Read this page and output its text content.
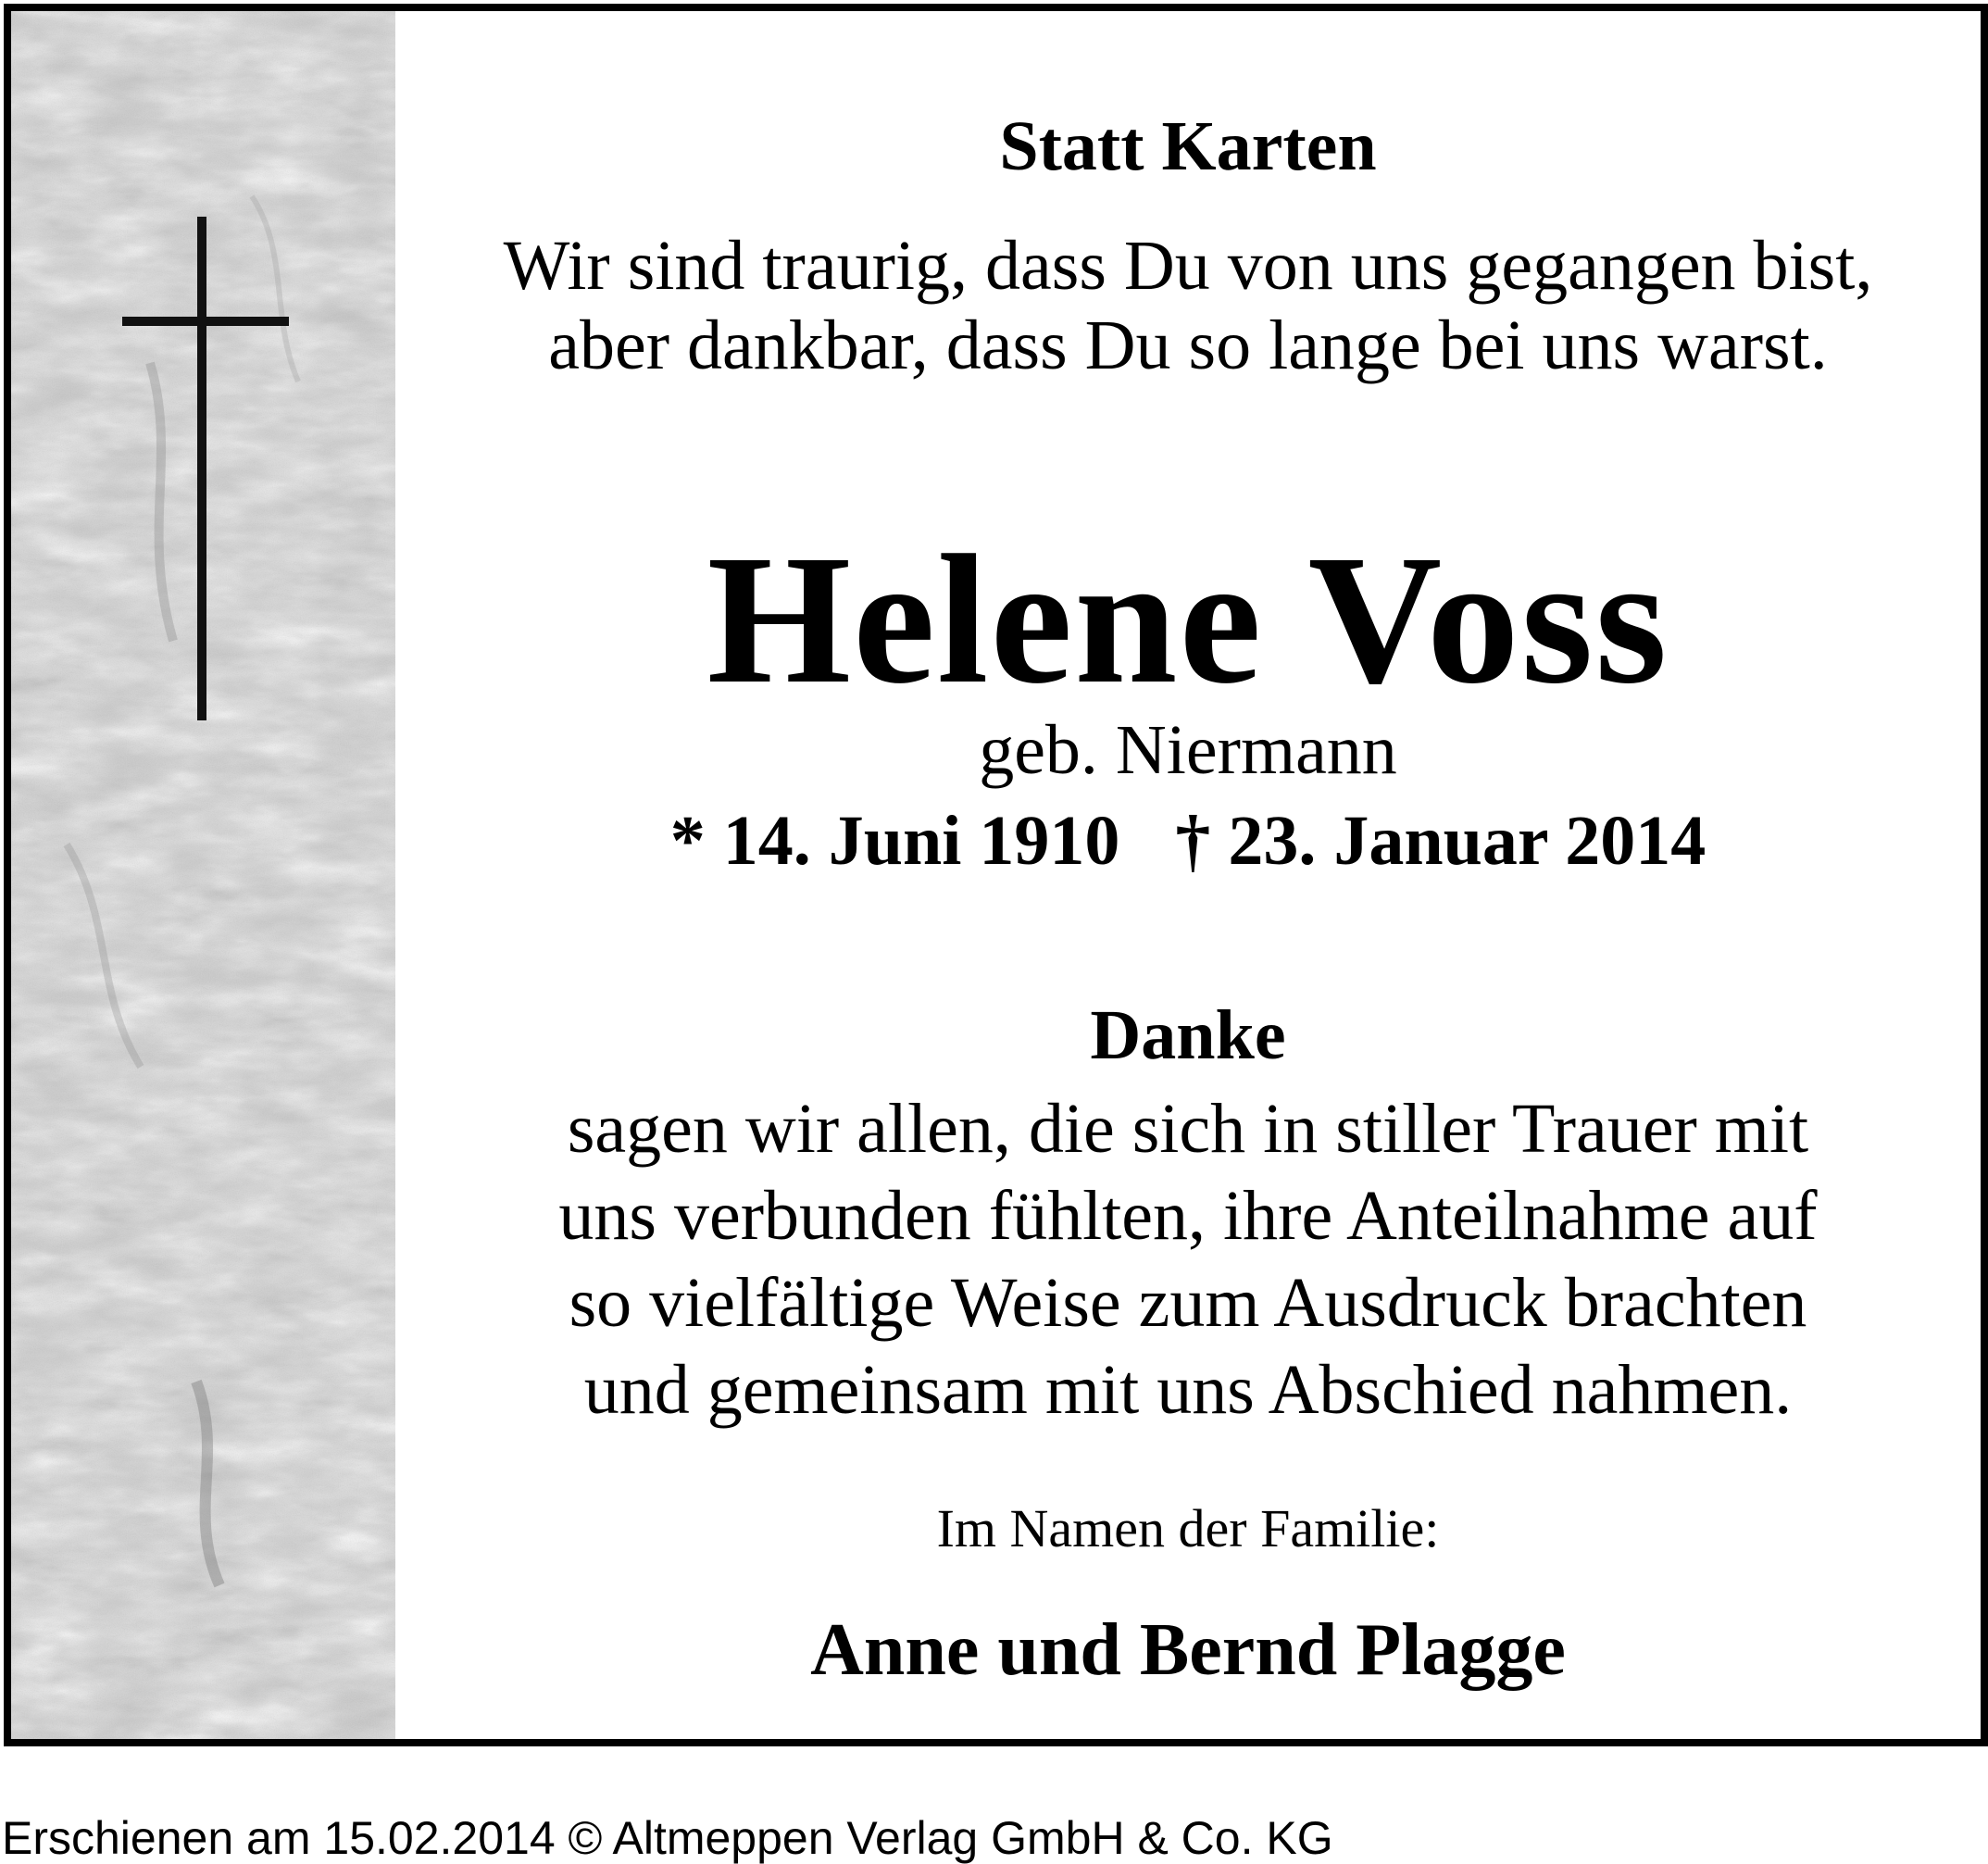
Statt Karten
Wir sind traurig, dass Du von uns gegangen bist,
aber dankbar, dass Du so lange bei uns warst.
Helene Voss
geb. Niermann
* 14. Juni 1910 † 23. Januar 2014
Danke
sagen wir allen, die sich in stiller Trauer mit
uns verbunden fühlten, ihre Anteilnahme auf
so vielfältige Weise zum Ausdruck brachten
und gemeinsam mit uns Abschied nahmen.
Im Namen der Familie:
Anne und Bernd Plagge
Erschienen am 15.02.2014 © Altmeppen Verlag GmbH & Co. KG
